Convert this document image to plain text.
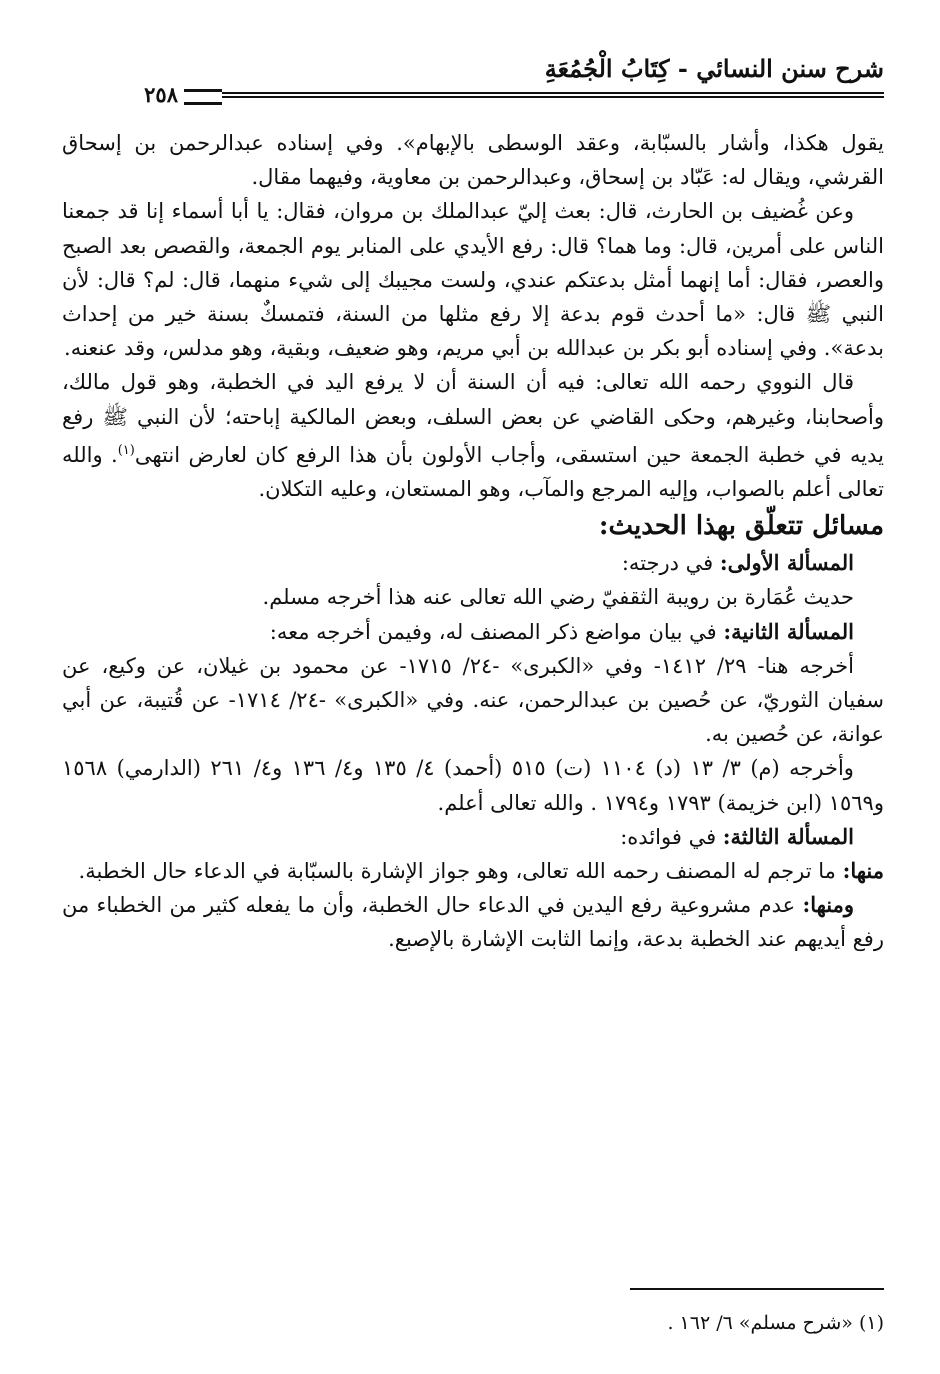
شرح سنن النسائي - كِتَابُ الْجُمُعَةِ
٢٥٨

يقول هكذا، وأشار بالسبّابة، وعقد الوسطى بالإبهام». وفي إسناده عبدالرحمن بن إسحاق القرشي، ويقال له: عَبّاد بن إسحاق، وعبدالرحمن بن معاوية، وفيهما مقال.

وعن غُضيف بن الحارث، قال: بعث إليّ عبدالملك بن مروان، فقال: يا أبا أسماء إنا قد جمعنا الناس على أمرين، قال: وما هما؟ قال: رفع الأيدي على المنابر يوم الجمعة، والقصص بعد الصبح والعصر، فقال: أما إنهما أمثل بدعتكم عندي، ولست مجيبك إلى شيء منهما، قال: لم؟ قال: لأن النبي ﷺ قال: «ما أحدث قوم بدعة إلا رفع مثلها من السنة، فتمسكٌ بسنة خير من إحداث بدعة». وفي إسناده أبو بكر بن عبدالله بن أبي مريم، وهو ضعيف، وبقية، وهو مدلس، وقد عنعنه.

قال النووي رحمه الله تعالى: فيه أن السنة أن لا يرفع اليد في الخطبة، وهو قول مالك، وأصحابنا، وغيرهم، وحكى القاضي عن بعض السلف، وبعض المالكية إباحته؛ لأن النبي ﷺ رفع يديه في خطبة الجمعة حين استسقى، وأجاب الأولون بأن هذا الرفع كان لعارض انتهى$^{(١)}$. والله تعالى أعلم بالصواب، وإليه المرجع والمآب، وهو المستعان، وعليه التكلان.

مسائل تتعلّق بهذا الحديث:

المسألة الأولى: في درجته:

حديث عُمَارة بن رويبة الثقفيّ رضي الله تعالى عنه هذا أخرجه مسلم.

المسألة الثانية: في بيان مواضع ذكر المصنف له، وفيمن أخرجه معه:

أخرجه هنا- ٢٩/ ١٤١٢- وفي «الكبرى» -٢٤/ ١٧١٥- عن محمود بن غيلان، عن وكيع، عن سفيان الثوريّ، عن حُصين بن عبدالرحمن، عنه. وفي «الكبرى» -٢٤/ ١٧١٤- عن قُتيبة، عن أبي عوانة، عن حُصين به.

وأخرجه (م) ٣/ ١٣ (د) ١١٠٤ (ت) ٥١٥ (أحمد) ٤/ ١٣٥ و٤/ ١٣٦ و٤/ ٢٦١ (الدارمي) ١٥٦٨ و١٥٦٩ (ابن خزيمة) ١٧٩٣ و١٧٩٤ . والله تعالى أعلم.

المسألة الثالثة: في فوائده:

منها: ما ترجم له المصنف رحمه الله تعالى، وهو جواز الإشارة بالسبّابة في الدعاء حال الخطبة.

ومنها: عدم مشروعية رفع اليدين في الدعاء حال الخطبة، وأن ما يفعله كثير من الخطباء من رفع أيديهم عند الخطبة بدعة، وإنما الثابت الإشارة بالإصبع.

(١) «شرح مسلم» ٦/ ١٦٢ .
